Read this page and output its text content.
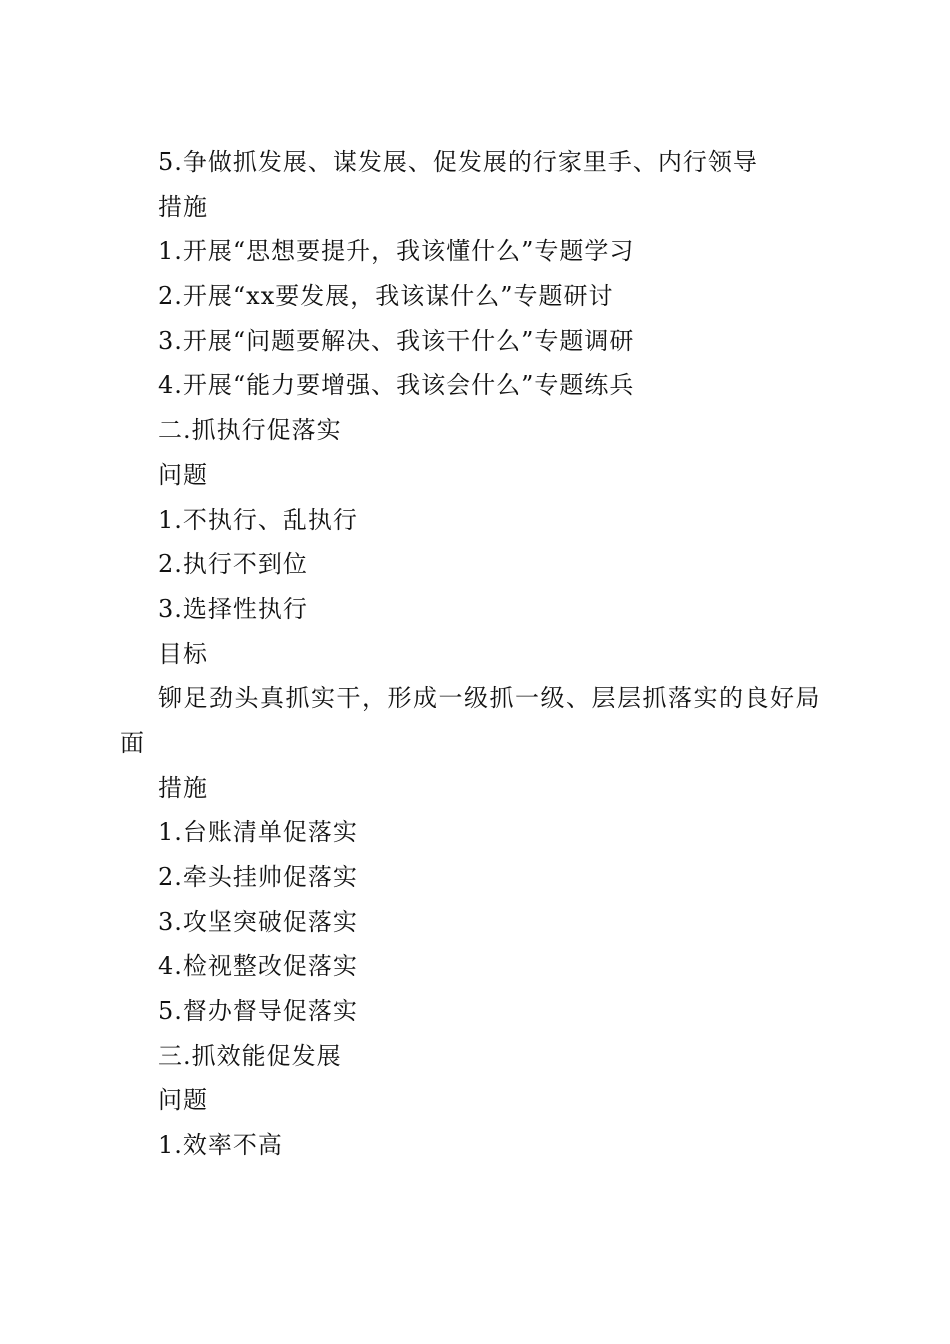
5.争做抓发展、谋发展、促发展的行家里手、内行领导
措施
1.开展“思想要提升，我该懂什么”专题学习
2.开展“xx要发展，我该谋什么”专题研讨
3.开展“问题要解决、我该干什么”专题调研
4.开展“能力要增强、我该会什么”专题练兵
二.抓执行促落实
问题
1.不执行、乱执行
2.执行不到位
3.选择性执行
目标
铆足劲头真抓实干，形成一级抓一级、层层抓落实的良好局面
措施
1.台账清单促落实
2.牵头挂帅促落实
3.攻坚突破促落实
4.检视整改促落实
5.督办督导促落实
三.抓效能促发展
问题
1.效率不高
